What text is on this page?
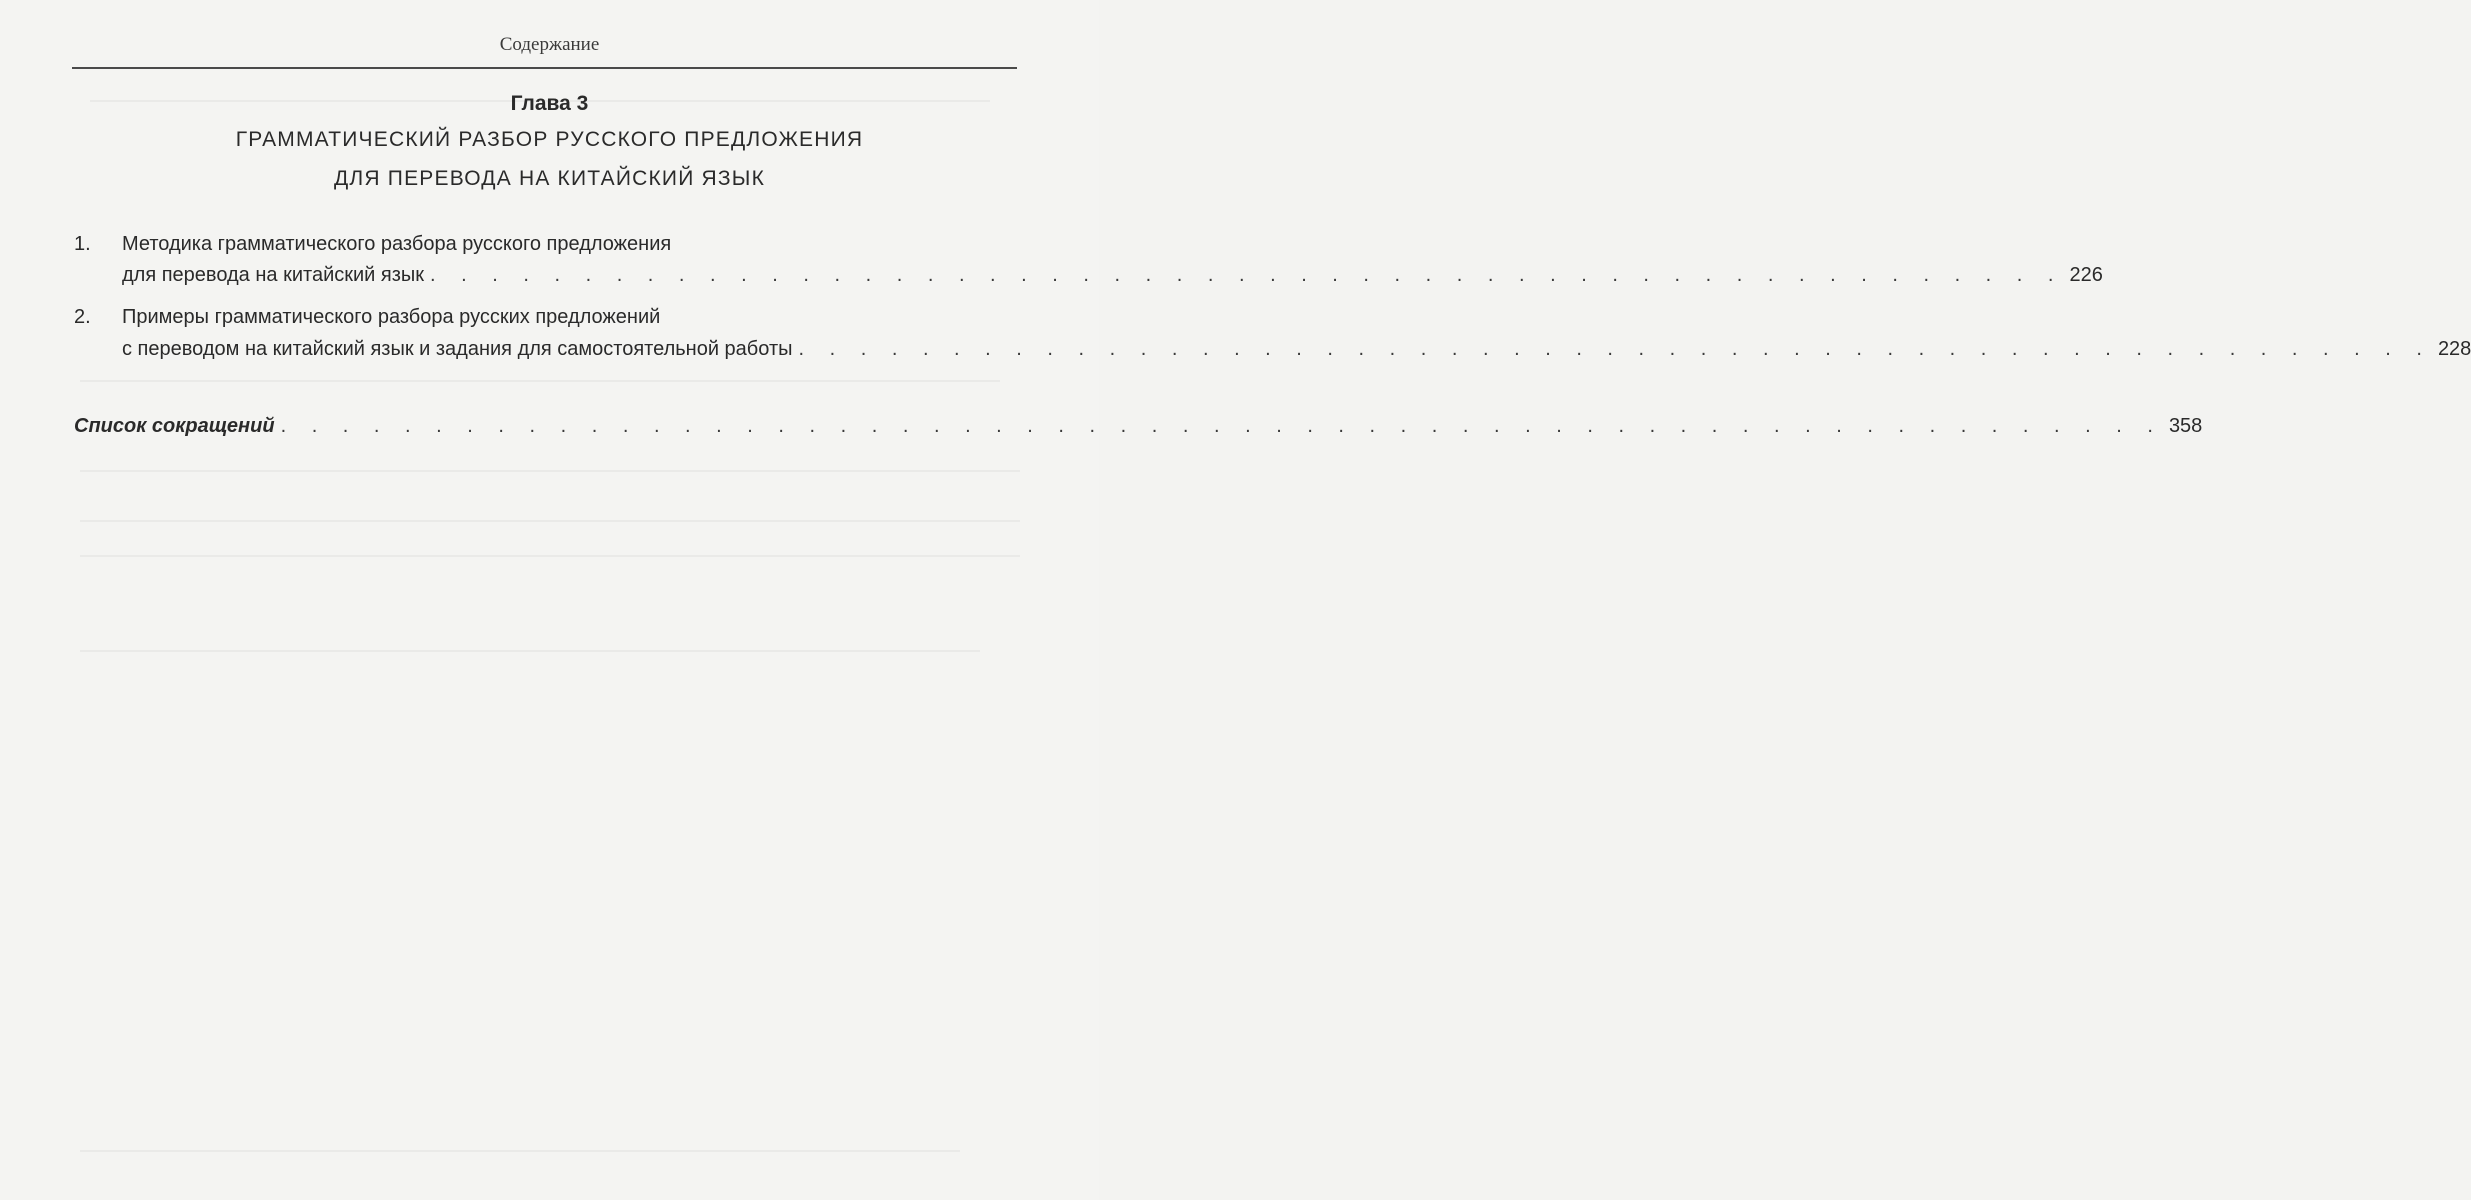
Содержание
Глава 3
ГРАММАТИЧЕСКИЙ РАЗБОР РУССКОГО ПРЕДЛОЖЕНИЯ
ДЛЯ ПЕРЕВОДА НА КИТАЙСКИЙ ЯЗЫК
1. Методика грамматического разбора русского предложения
для перевода на китайский язык . . . . . . . . . . . . . . . . . . . . . . . . . . . . . . . . . . . . . . . . . . . . . . . . . . . . . 226
2. Примеры грамматического разбора русских предложений
с переводом на китайский язык и задания для самостоятельной работы . . . . . . . . . . . . . . . . . . . . . . . . . . . . . . . . . . . . . . . . . . . . . . . . . . . . . 228
Список сокращений . . . . . . . . . . . . . . . . . . . . . . . . . . . . . . . . . . . . . . . . . . . . . . . . . . . . . . . . . . . . . 358
